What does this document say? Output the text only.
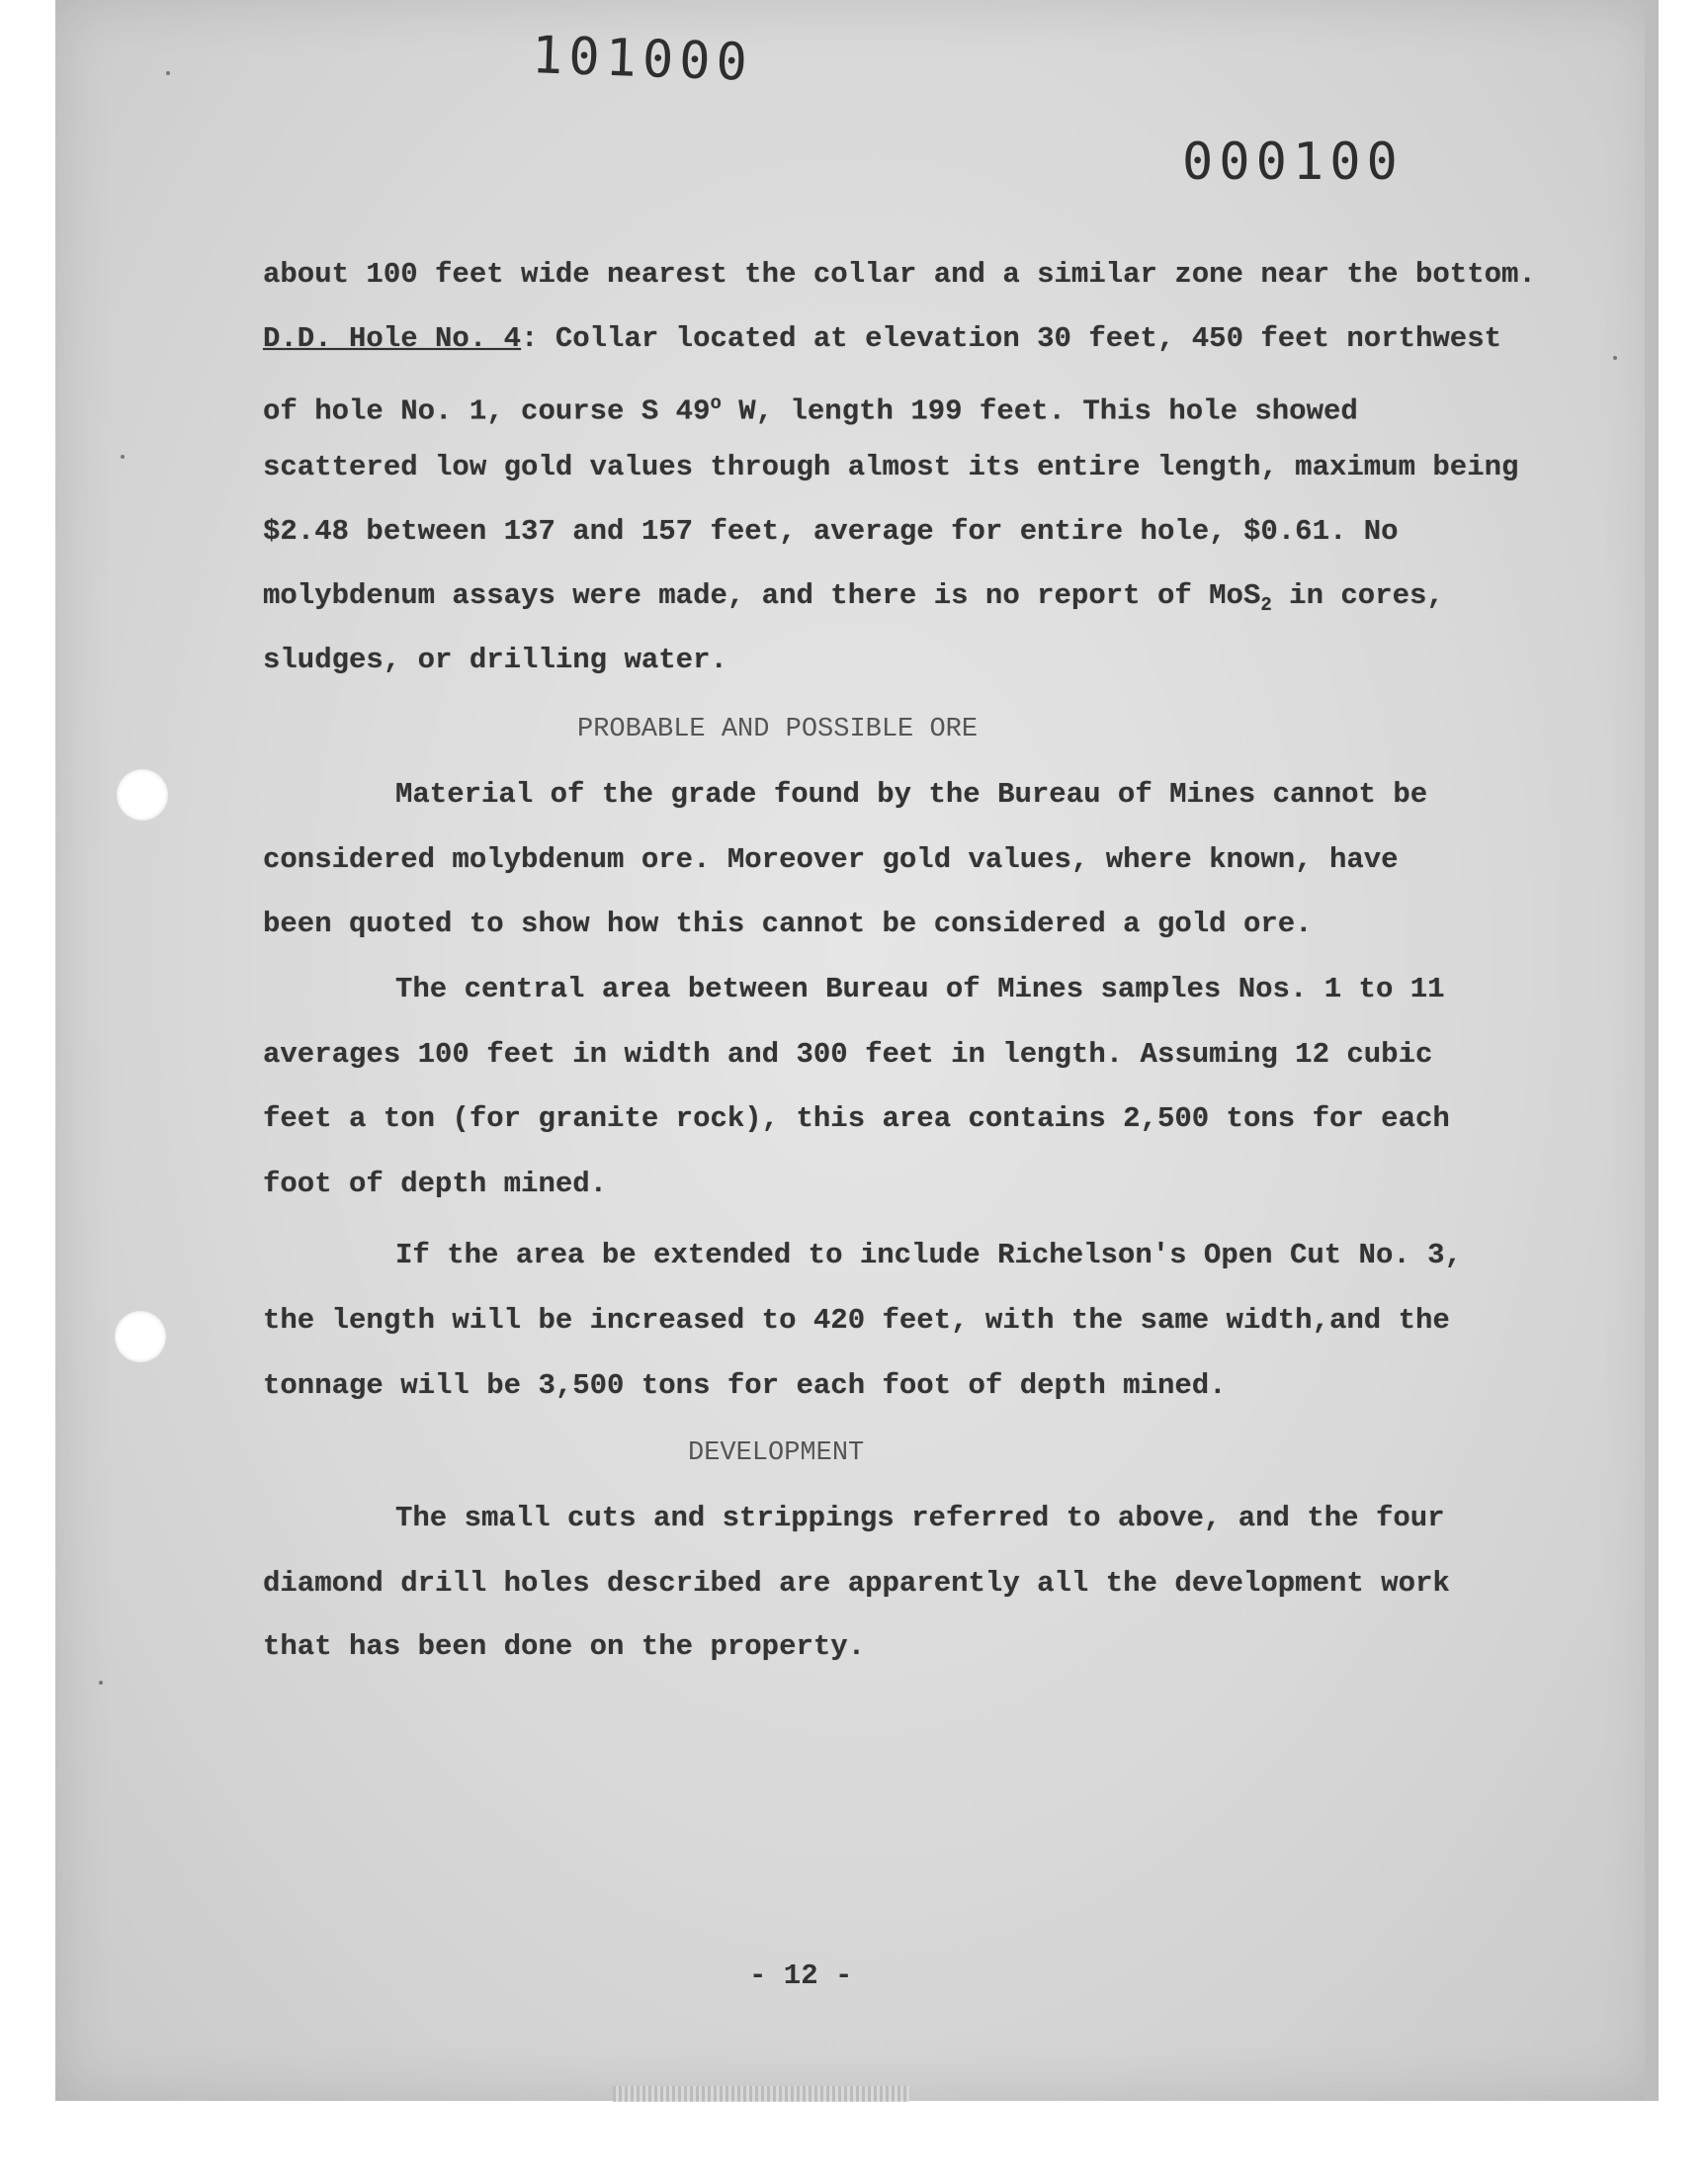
101000
000100
about 100 feet wide nearest the collar and a similar zone near the bottom.
D.D. Hole No. 4: Collar located at elevation 30 feet, 450 feet northwest
of hole No. 1, course S 49$^o$ W, length 199 feet. This hole showed
scattered low gold values through almost its entire length, maximum being
$2.48 between 137 and 157 feet, average for entire hole, $0.61. No
molybdenum assays were made, and there is no report of MoS$_2$ in cores,
sludges, or drilling water.
PROBABLE AND POSSIBLE ORE
Material of the grade found by the Bureau of Mines cannot be
considered molybdenum ore. Moreover gold values, where known, have
been quoted to show how this cannot be considered a gold ore.
The central area between Bureau of Mines samples Nos. 1 to 11
averages 100 feet in width and 300 feet in length. Assuming 12 cubic
feet a ton (for granite rock), this area contains 2,500 tons for each
foot of depth mined.
If the area be extended to include Richelson's Open Cut No. 3,
the length will be increased to 420 feet, with the same width,and the
tonnage will be 3,500 tons for each foot of depth mined.
DEVELOPMENT
The small cuts and strippings referred to above, and the four
diamond drill holes described are apparently all the development work
that has been done on the property.
- 12 -
